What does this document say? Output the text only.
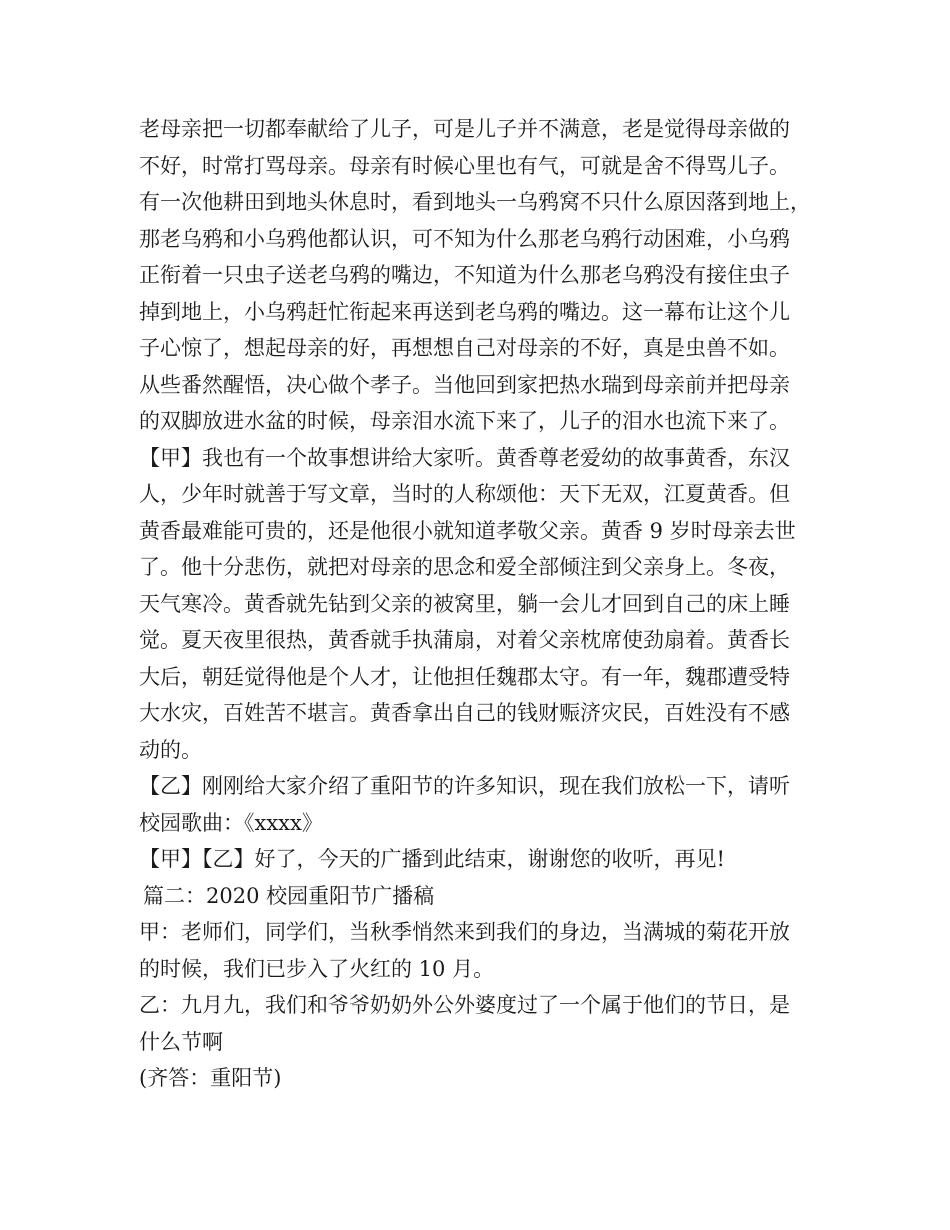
老母亲把一切都奉献给了儿子，可是儿子并不满意，老是觉得母亲做的
不好，时常打骂母亲。母亲有时候心里也有气，可就是舍不得骂儿子。
有一次他耕田到地头休息时，看到地头一乌鸦窝不只什么原因落到地上，
那老乌鸦和小乌鸦他都认识，可不知为什么那老乌鸦行动困难，小乌鸦
正衔着一只虫子送老乌鸦的嘴边，不知道为什么那老乌鸦没有接住虫子
掉到地上，小乌鸦赶忙衔起来再送到老乌鸦的嘴边。这一幕布让这个儿
子心惊了，想起母亲的好，再想想自己对母亲的不好，真是虫兽不如。
从些番然醒悟，决心做个孝子。当他回到家把热水瑞到母亲前并把母亲
的双脚放进水盆的时候，母亲泪水流下来了，儿子的泪水也流下来了。
【甲】我也有一个故事想讲给大家听。黄香尊老爱幼的故事黄香，东汉
人，少年时就善于写文章，当时的人称颂他：天下无双，江夏黄香。但
黄香最难能可贵的，还是他很小就知道孝敬父亲。黄香 9 岁时母亲去世
了。他十分悲伤，就把对母亲的思念和爱全部倾注到父亲身上。冬夜，
天气寒冷。黄香就先钻到父亲的被窝里，躺一会儿才回到自己的床上睡
觉。夏天夜里很热，黄香就手执蒲扇，对着父亲枕席使劲扇着。黄香长
大后，朝廷觉得他是个人才，让他担任魏郡太守。有一年，魏郡遭受特
大水灾，百姓苦不堪言。黄香拿出自己的钱财赈济灾民，百姓没有不感
动的。
【乙】刚刚给大家介绍了重阳节的许多知识，现在我们放松一下，请听
校园歌曲：《xxxx》
【甲】【乙】好了，今天的广播到此结束，谢谢您的收听，再见!
篇二：2020 校园重阳节广播稿
甲：老师们，同学们，当秋季悄然来到我们的身边，当满城的菊花开放
的时候，我们已步入了火红的 10 月。
乙：九月九，我们和爷爷奶奶外公外婆度过了一个属于他们的节日，是
什么节啊
(齐答：重阳节)
